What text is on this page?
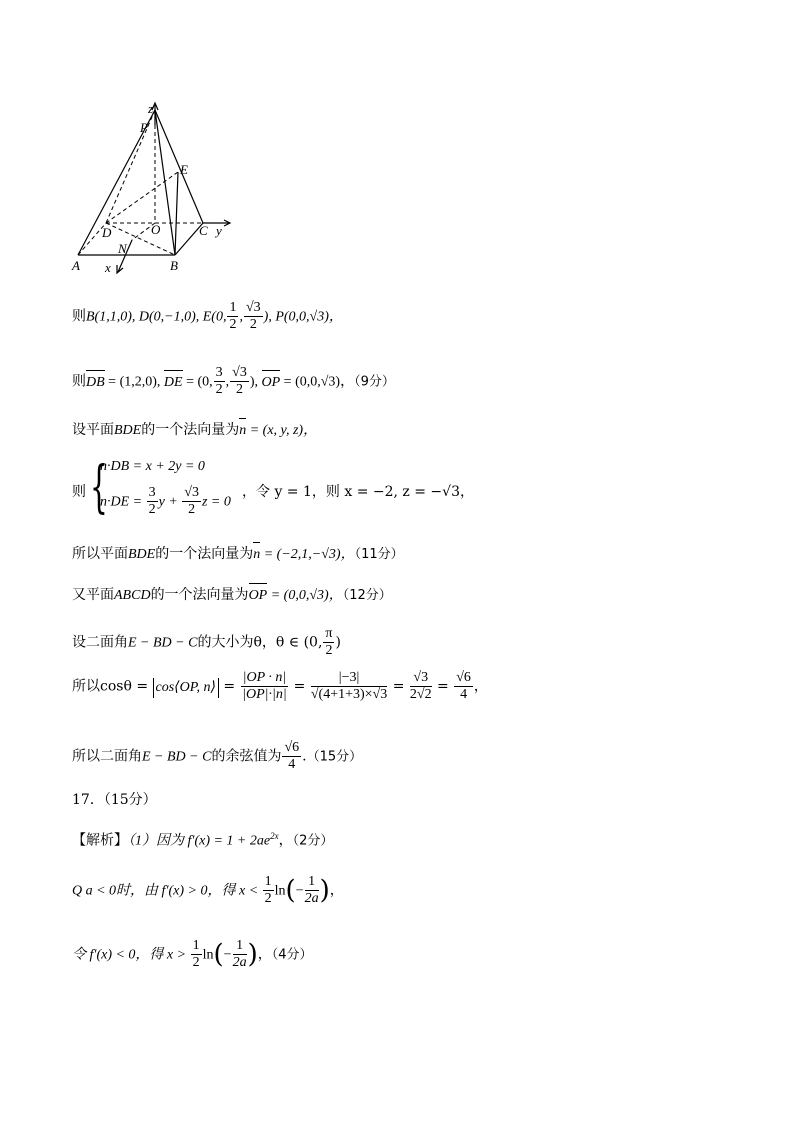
z
P
E
D	O	C y
N
A x	B
则B(1,1,0), D(0,−1,0), E(0, $\frac{1}{2}$ , $\frac{√3}{2}$ ), P(0,0,√3)，
则DB = (1,2,0), DE = (0, $\frac{3}{2}$ , $\frac{√3}{2}$ ), OP = (0,0,√3)，（9分）
设平面BDE的一个法向量为n = (x, y, z)，
则 {
n·DB = x + 2y = 0
$n\cdot DE = \frac{3}{2}$ $y + \frac{√3}{2}$ z = 0
，令 y = 1，则 x = −2, z = −√3，
所以平面BDE的一个法向量为n = (−2,1,−√3)，（11分）
又平面ABCD的一个法向量为OP = (0,0,√3)，（12分）
设二面角E − BD − C的大小为θ，θ ∈ (0, $\frac{\pi}{2}$ )
所以cosθ = cos⟨OP, n⟩ = $\frac{|OP \cdot n|}{|OP|\cdot|n|} = \frac{|-3|}{√(4+1+3)\times√3} = \frac{√3}{2√2} = \frac{√6}{4}$ ，
所以二面角E − BD − C的余弦值为 $\frac{√6}{4} .(15$分）
17．（15分）
【解析】（1）因为 $f'(x) = 1 + 2ae^{2x}$，（2分）
Q a < 0时，由 f′(x) > 0，得 $x < \frac{1}{2} \ln(- \frac{1}{2a}$ )，
令 f′(x) < 0，得 $x > \frac{1}{2} \ln(- \frac{1}{2a}$ )，（4分）
